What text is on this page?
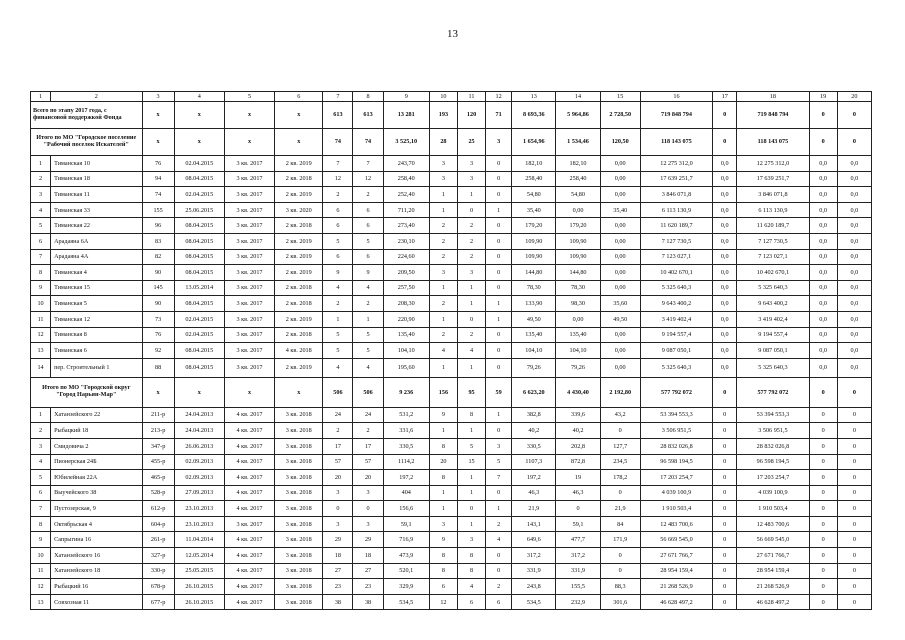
13
1	2	3	4	5	6	7	8	9	10	11	12	13	14	15	16	17	18	19	20
Всего по этапу 2017 года, с финансовой поддержкой Фонда		x	x	x	x	613	613	13 281	193	120	71	8 693,36	5 964,86	2 728,50	719 848 794	0	719 848 794	0	0
Итого по МО "Городское поселение "Рабочий поселок Искателей"		x	x	x	x	74	74	3 525,10	28	25	3	1 654,96	1 534,46	120,50	118 143 075	0	118 143 075	0	0
1	Тиманская 10	76	02.04.2015	3 кв. 2017	2 кв. 2019	7	7	243,70	3	3	0	182,10	182,10	0,00	12 275 312,0	0,0	12 275 312,0	0,0	0,0
2	Тиманская 18	94	08.04.2015	3 кв. 2017	2 кв. 2018	12	12	258,40	3	3	0	258,40	258,40	0,00	17 639 251,7	0,0	17 639 251,7	0,0	0,0
3	Тиманская 11	74	02.04.2015	3 кв. 2017	2 кв. 2019	2	2	252,40	1	1	0	54,80	54,80	0,00	3 846 071,8	0,0	3 846 071,8	0,0	0,0
4	Тиманская 33	155	25.06.2015	3 кв. 2017	3 кв. 2020	6	6	711,20	1	0	1	35,40	0,00	35,40	6 113 130,9	0,0	6 113 130,9	0,0	0,0
5	Тиманская 22	96	08.04.2015	3 кв. 2017	2 кв. 2018	6	6	273,40	2	2	0	179,20	179,20	0,00	11 620 189,7	0,0	11 620 189,7	0,0	0,0
6	Арадаяна 6А	83	08.04.2015	3 кв. 2017	2 кв. 2019	5	5	230,10	2	2	0	109,90	109,90	0,00	7 127 730,5	0,0	7 127 730,5	0,0	0,0
7	Арадаяна 4А	82	08.04.2015	3 кв. 2017	2 кв. 2019	6	6	224,60	2	2	0	109,90	109,90	0,00	7 123 027,1	0,0	7 123 027,1	0,0	0,0
8	Тиманская 4	90	08.04.2015	3 кв. 2017	2 кв. 2019	9	9	209,50	3	3	0	144,80	144,80	0,00	10 402 670,1	0,0	10 402 670,1	0,0	0,0
9	Тиманская 15	145	13.05.2014	3 кв. 2017	2 кв. 2018	4	4	257,50	1	1	0	78,30	78,30	0,00	5 325 640,3	0,0	5 325 640,3	0,0	0,0
10	Тиманская 5	90	08.04.2015	3 кв. 2017	2 кв. 2018	2	2	208,30	2	1	1	133,90	98,30	35,60	9 643 400,2	0,0	9 643 400,2	0,0	0,0
11	Тиманская 12	73	02.04.2015	3 кв. 2017	2 кв. 2019	1	1	220,90	1	0	1	49,50	0,00	49,50	3 419 402,4	0,0	3 419 402,4	0,0	0,0
12	Тиманская 8	76	02.04.2015	3 кв. 2017	2 кв. 2018	5	5	135,40	2	2	0	135,40	135,40	0,00	9 194 557,4	0,0	9 194 557,4	0,0	0,0
13	Тиманская 6	92	08.04.2015	3 кв. 2017	4 кв. 2018	5	5	104,10	4	4	0	104,10	104,10	0,00	9 087 050,1	0,0	9 087 050,1	0,0	0,0
14	пер. Строительный 1	88	08.04.2015	3 кв. 2017	2 кв. 2019	4	4	195,60	1	1	0	79,26	79,26	0,00	5 325 640,3	0,0	5 325 640,3	0,0	0,0
Итого по МО "Городской округ "Город Нарьян-Мар"		x	x	x	x	506	506	9 236	156	95	59	6 623,20	4 430,40	2 192,80	577 792 072	0	577 792 072	0	0
1	Хатанзейского 22	211-р	24.04.2013	4 кв. 2017	3 кв. 2018	24	24	531,2	9	8	1	382,8	339,6	43,2	53 394 553,3	0	53 394 553,3	0	0
2	Рыбацкий 18	213-р	24.04.2013	4 кв. 2017	3 кв. 2018	2	2	331,6	1	1	0	40,2	40,2	0	3 506 951,5	0	3 506 951,5	0	0
3	Смидовича 2	347-р	26.06.2013	4 кв. 2017	3 кв. 2018	17	17	330,5	8	5	3	330,5	202,8	127,7	28 832 026,8	0	28 832 026,8	0	0
4	Пионерская 24Б	455-р	02.09.2013	4 кв. 2017	3 кв. 2018	57	57	1114,2	20	15	5	1107,3	872,8	234,5	96 598 194,5	0	96 598 194,5	0	0
5	Юбилейная 22А	465-р	02.09.2013	4 кв. 2017	3 кв. 2018	20	20	197,2	8	1	7	197,2	19	178,2	17 203 254,7	0	17 203 254,7	0	0
6	Выучейского 38	528-р	27.09.2013	4 кв. 2017	3 кв. 2018	3	3	404	1	1	0	46,3	46,3	0	4 039 100,9	0	4 039 100,9	0	0
7	Пустозерская, 9	612-р	23.10.2013	4 кв. 2017	3 кв. 2018	0	0	156,6	1	0	1	21,9	0	21,9	1 910 503,4	0	1 910 503,4	0	0
8	Октябрьская 4	604-р	23.10.2013	3 кв. 2017	3 кв. 2018	3	3	59,1	3	1	2	143,1	59,1	84	12 483 700,6	0	12 483 700,6	0	0
9	Сапрыгина 16	261-р	11.04.2014	4 кв. 2017	3 кв. 2018	29	29	716,9	9	3	4	649,6	477,7	171,9	56 669 545,0	0	56 669 545,0	0	0
10	Хатанзейского 16	327-р	12.05.2014	4 кв. 2017	3 кв. 2018	18	18	473,9	8	8	0	317,2	317,2	0	27 671 766,7	0	27 671 766,7	0	0
11	Хатанзейского 18	330-р	25.05.2015	4 кв. 2017	3 кв. 2018	27	27	520,1	8	8	0	331,9	331,9	0	28 954 159,4	0	28 954 159,4	0	0
12	Рыбацкий 16	678-р	26.10.2015	4 кв. 2017	3 кв. 2018	23	23	329,9	6	4	2	243,8	155,5	88,3	21 268 526,9	0	21 268 526,9	0	0
13	Совхозная 11	677-р	26.10.2015	4 кв. 2017	3 кв. 2018	38	38	534,5	12	6	6	534,5	232,9	301,6	46 628 497,2	0	46 628 497,2	0	0
